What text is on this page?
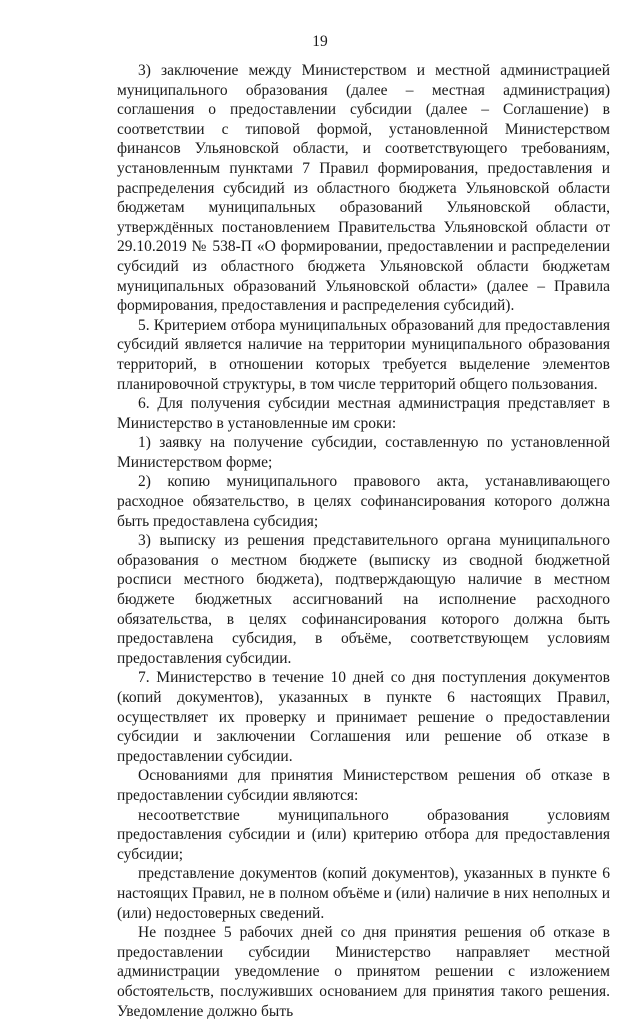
19

3) заключение между Министерством и местной администрацией муниципального образования (далее – местная администрация) соглашения о предоставлении субсидии (далее – Соглашение) в соответствии с типовой формой, установленной Министерством финансов Ульяновской области, и соответствующего требованиям, установленным пунктами 7 Правил формирования, предоставления и распределения субсидий из областного бюджета Ульяновской области бюджетам муниципальных образований Ульяновской области, утверждённых постановлением Правительства Ульяновской области от 29.10.2019 № 538-П «О формировании, предоставлении и распределении субсидий из областного бюджета Ульяновской области бюджетам муниципальных образований Ульяновской области» (далее – Правила формирования, предоставления и распределения субсидий).

5. Критерием отбора муниципальных образований для предоставления субсидий является наличие на территории муниципального образования территорий, в отношении которых требуется выделение элементов планировочной структуры, в том числе территорий общего пользования.

6. Для получения субсидии местная администрация представляет в Министерство в установленные им сроки:

1) заявку на получение субсидии, составленную по установленной Министерством форме;

2) копию муниципального правового акта, устанавливающего расходное обязательство, в целях софинансирования которого должна быть предоставлена субсидия;

3) выписку из решения представительного органа муниципального образования о местном бюджете (выписку из сводной бюджетной росписи местного бюджета), подтверждающую наличие в местном бюджете бюджетных ассигнований на исполнение расходного обязательства, в целях софинансирования которого должна быть предоставлена субсидия, в объёме, соответствующем условиям предоставления субсидии.

7. Министерство в течение 10 дней со дня поступления документов (копий документов), указанных в пункте 6 настоящих Правил, осуществляет их проверку и принимает решение о предоставлении субсидии и заключении Соглашения или решение об отказе в предоставлении субсидии.

Основаниями для принятия Министерством решения об отказе в предоставлении субсидии являются:

несоответствие муниципального образования условиям предоставления субсидии и (или) критерию отбора для предоставления субсидии;

представление документов (копий документов), указанных в пункте 6 настоящих Правил, не в полном объёме и (или) наличие в них неполных и (или) недостоверных сведений.

Не позднее 5 рабочих дней со дня принятия решения об отказе в предоставлении субсидии Министерство направляет местной администрации уведомление о принятом решении с изложением обстоятельств, послуживших основанием для принятия такого решения. Уведомление должно быть
